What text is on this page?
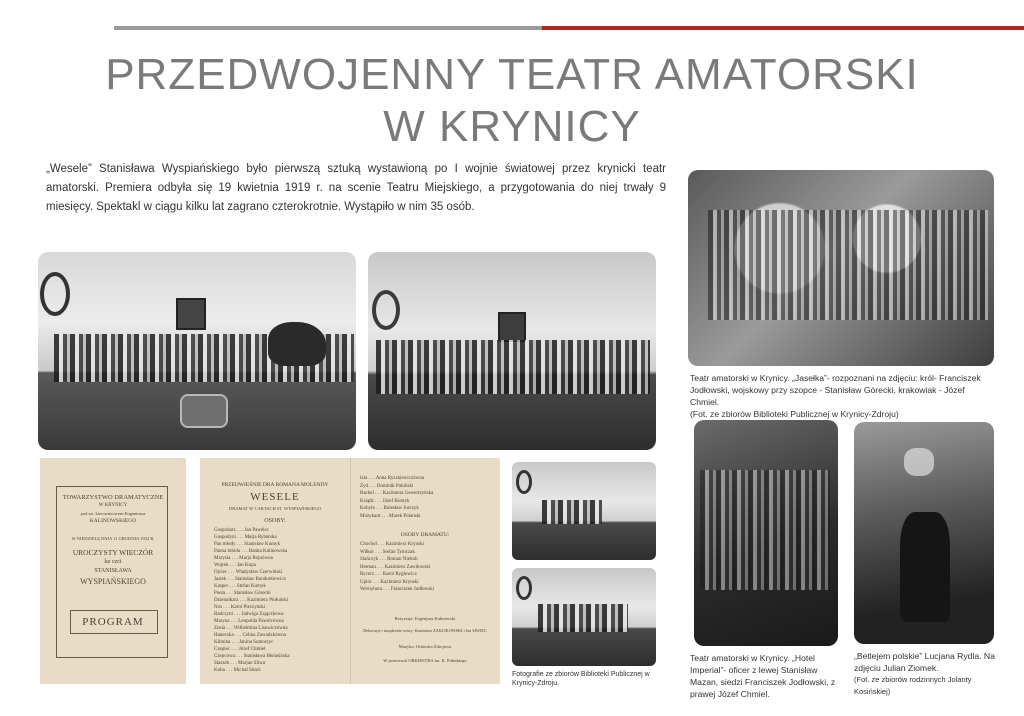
PRZEDWOJENNY TEATR AMATORSKI
W KRYNICY
„Wesele” Stanisława Wyspiańskiego było pierwszą sztuką wystawioną po I wojnie światowej przez krynicki teatr amatorski. Premiera odbyła się 19 kwietnia 1919 r. na scenie Teatru Miejskiego, a przygotowania do niej trwały 9 miesięcy. Spektakl w ciągu kilku lat zagrano czterokrotnie. Wystąpiło w nim 35 osób.
Teatr amatorski w Krynicy. „Jasełka”- rozpoznani na zdjęciu: król- Franciszek Jodłowski, wojskowy przy szopce - Stanisław Górecki, krakowiak - Józef Chmiel.
(Fot. ze zbiorów Biblioteki Publicznej w Krynicy-Zdroju)
TOWARZYSTWO DRAMATYCZNE
W KRYNICY
pod art. kierownictwem Eugeniusza
KALINOWSKIEGO
W NIEDZIELĘ DNIA 11 GRUDNIA 1932 R.
UROCZYSTY WIECZÓR
ku czci
STANISŁAWA
WYSPIAŃSKIEGO
PROGRAM
PRZEDWIEŚNIE DRA ROMANA MOLENDY
WESELE
DRAMAT W 3 AKTACH ST. WYSPIAŃSKIEGO
OSOBY:
Gospodarz . . . Jan Pawelec
Gospodyni . . . Marja Rybarska
Pan młody . . . Stanisław Kumyk
Panna młoda . . . Hanka Kulinowska
Marysia . . . Marja Rojnówna
Wojtek . . . Jan Kopa
Ojciec . . . Władysław Czerwiński
Jasiek . . . Stanisław Bandurkiewicz
Kasper . . . Stefan Kumyk
Poeta . . . Stanisław Górecki
Dziennikarz . . . Kazimierz Piołuński
Nos . . . Karol Pieczyński
Radczyni . . . Jadwiga Zajączkowa
Maryna . . . Leopolda Pawelcówna
Zosia . . . Wilhelmina Lisowiczówna
Haneczka . . . Celina Zawadzkówna
Klimina . . . Janina Sumorzyc
Czepiec . . . Józef Chmiel
Czepcowa . . . Stanisława Molasińska
Staszek . . . Marjan Sliwa
Kuba . . . Michał Sitarz
Isia . . . Anna Ryszkiewiczówna
Żyd . . . Dominik Pokiński
Rachel . . . Kazimiera Gewertzyńska
Ksiądz . . . Józef Kumyk
Kobyła . . . Bolesław Jurczyk
Muzykant . . . Marek Polański
OSOBY DRAMATU:
Chochoł . . . Kazimierz Krynski
Wiłkor . . . Stefan Tymczak
Stańczyk . . . Roman Nieboh
Hetman . . . Kazimierz Zawiłowski
Rycerz . . . Karol Rygłowicz
Upiór . . . Kazimierz Krynski
Wernyhora . . . Franciszek Jodłowski
Reżyserja: Eugenjusz Kalinowski
Dekoracje i urządzenie sceny: Kazimierz ZAKLIKOWSKI i Jan SIWIEC
Muzyka: Orkiestra Zdrojowa
W przerwach ORKIESTRA im. K. Pułaskiego
Fotografie ze zbiorów Biblioteki Publicznej w Krynicy-Zdroju.
Teatr amatorski w Krynicy. „Hotel Imperial”- oficer z lewej Stanisław Mazan, siedzi Franciszek Jodłowski, z prawej Józef Chmiel.
„Betlejem polskie” Lucjana Rydla. Na zdjęciu Julian Ziomek.
(Fot. ze zbiorów rodzinnych Jolanty Kosińskiej)
